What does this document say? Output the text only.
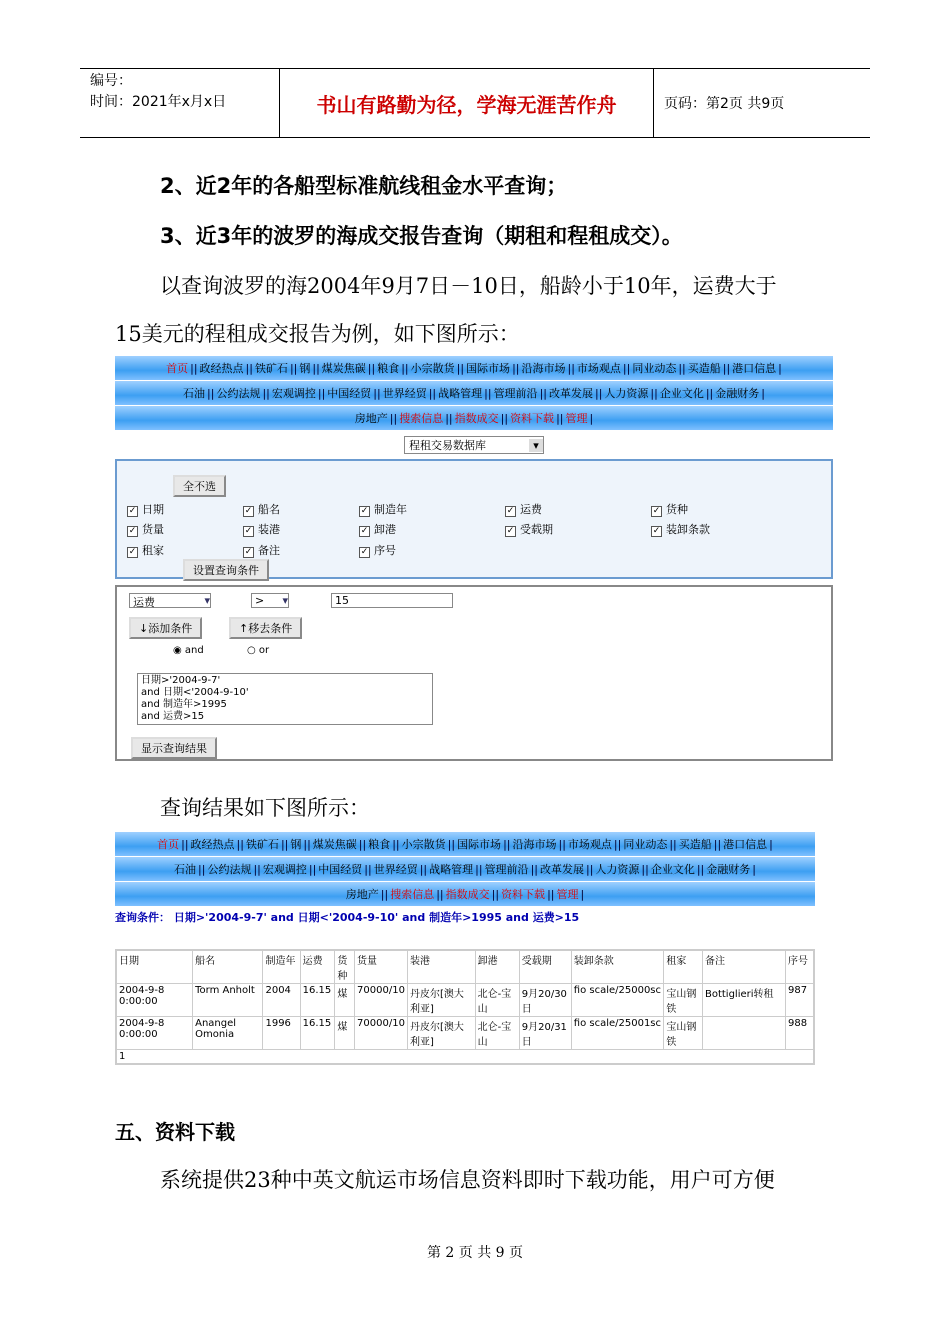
编号：
时间：2021年x月x日	书山有路勤为径，学海无涯苦作舟	页码：第2页 共9页
2、近2年的各船型标准航线租金水平查询；
3、近3年的波罗的海成交报告查询（期租和程租成交）。
以查询波罗的海2004年9月7日－10日，船龄小于10年，运费大于
15美元的程租成交报告为例，如下图所示：
首页 || 政经热点 || 铁矿石 || 钢 || 煤炭焦碳 || 粮食 || 小宗散货 || 国际市场 || 沿海市场 || 市场观点 || 同业动态 || 买造船 || 港口信息 |
石油 || 公约法规 || 宏观调控 || 中国经贸 || 世界经贸 || 战略管理 || 管理前沿 || 改革发展 || 人力资源 || 企业文化 || 金融财务 |
房地产 || 搜索信息 || 指数成交 || 资料下载 || 管理 |
程租交易数据库	▾
全不选
✓ 日期	✓ 船名	✓ 制造年	✓ 运费	✓ 货种
✓ 货量	✓ 装港	✓ 卸港	✓ 受载期	✓ 装卸条款
✓ 租家	✓ 备注	✓ 序号
设置查询条件
运费	▾	> ▾	15
↓添加条件	↑移去条件
◉ and	○ or
日期>'2004-9-7'
and 日期<'2004-9-10'
and 制造年>1995
and 运费>15
显示查询结果
查询结果如下图所示：
首页 || 政经热点 || 铁矿石 || 钢 || 煤炭焦碳 || 粮食 || 小宗散货 || 国际市场 || 沿海市场 || 市场观点 || 同业动态 || 买造船 || 港口信息 |
石油 || 公约法规 || 宏观调控 || 中国经贸 || 世界经贸 || 战略管理 || 管理前沿 || 改革发展 || 人力资源 || 企业文化 || 金融财务 |
房地产 || 搜索信息 || 指数成交 || 资料下载 || 管理 |
查询条件： 日期>'2004-9-7' and 日期<'2004-9-10' and 制造年>1995 and 运费>15
日期	船名	制造年	运费	货种	货量	装港	卸港	受载期	装卸条款	租家	备注	序号
2004-9-8 0:00:00	Torm Anholt	2004	16.15	煤	70000/10	丹皮尔[澳大利亚]	北仑-宝山	9月20/30日	fio scale/25000sc	宝山钢铁	Bottiglieri转租	987
2004-9-8 0:00:00	Anangel Omonia	1996	16.15	煤	70000/10	丹皮尔[澳大利亚]	北仑-宝山	9月20/31日	fio scale/25001sc	宝山钢铁		988
1												
五、资料下载
系统提供23种中英文航运市场信息资料即时下载功能，用户可方便
第 2 页 共 9 页
